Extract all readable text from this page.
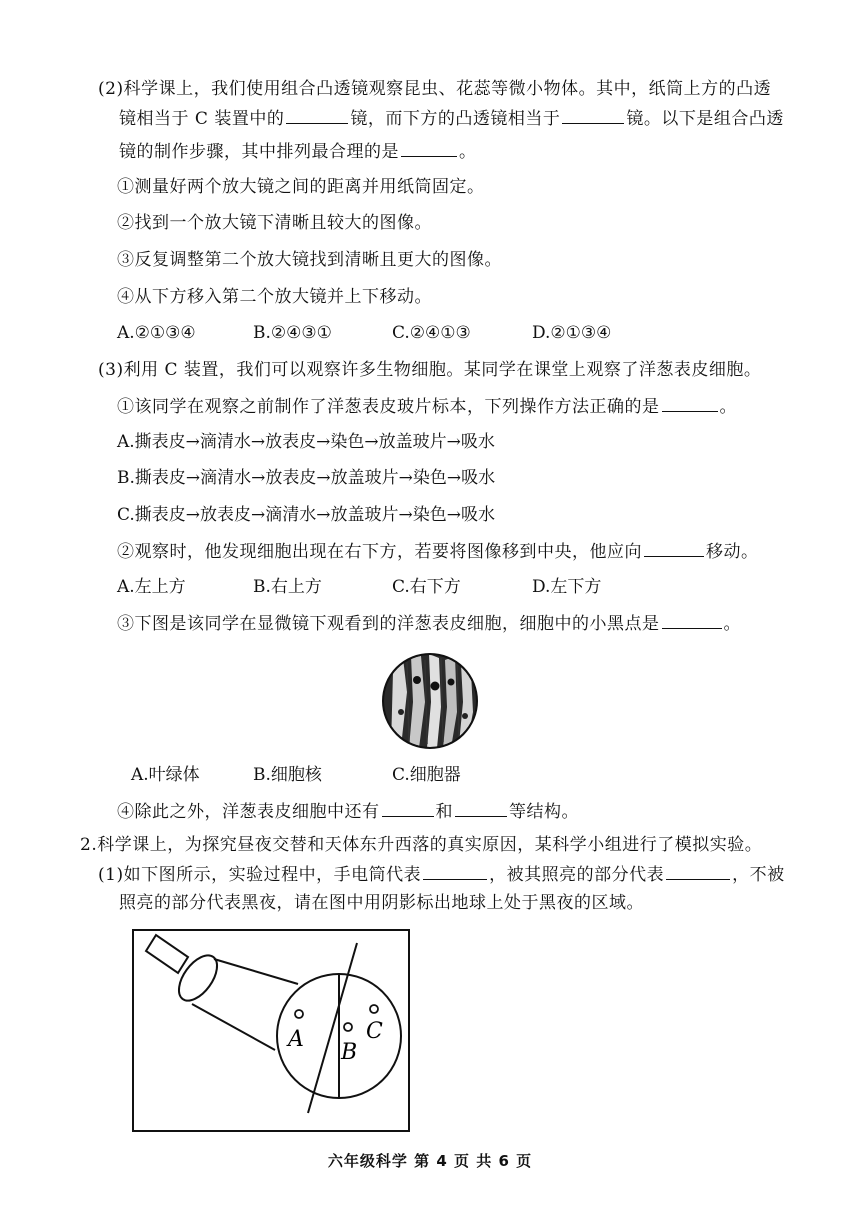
(2)科学课上，我们使用组合凸透镜观察昆虫、花蕊等微小物体。其中，纸筒上方的凸透
镜相当于 C 装置中的	镜，而下方的凸透镜相当于	镜。以下是组合凸透
镜的制作步骤，其中排列最合理的是	。
①测量好两个放大镜之间的距离并用纸筒固定。
②找到一个放大镜下清晰且较大的图像。
③反复调整第二个放大镜找到清晰且更大的图像。
④从下方移入第二个放大镜并上下移动。
A.②①③④	B.②④③①	C.②④①③	D.②①③④
(3)利用 C 装置，我们可以观察许多生物细胞。某同学在课堂上观察了洋葱表皮细胞。
①该同学在观察之前制作了洋葱表皮玻片标本，下列操作方法正确的是	。
A.撕表皮→滴清水→放表皮→染色→放盖玻片→吸水
B.撕表皮→滴清水→放表皮→放盖玻片→染色→吸水
C.撕表皮→放表皮→滴清水→放盖玻片→染色→吸水
②观察时，他发现细胞出现在右下方，若要将图像移到中央，他应向	移动。
A.左上方	B.右上方	C.右下方	D.左下方
③下图是该同学在显微镜下观看到的洋葱表皮细胞，细胞中的小黑点是	。
A.叶绿体	B.细胞核	C.细胞器
④除此之外，洋葱表皮细胞中还有	和	等结构。
2.科学课上，为探究昼夜交替和天体东升西落的真实原因，某科学小组进行了模拟实验。
(1)如下图所示，实验过程中，手电筒代表	，被其照亮的部分代表	，不被
照亮的部分代表黑夜，请在图中用阴影标出地球上处于黑夜的区域。
A
B
C
六年级科学 第 4 页 共 6 页
